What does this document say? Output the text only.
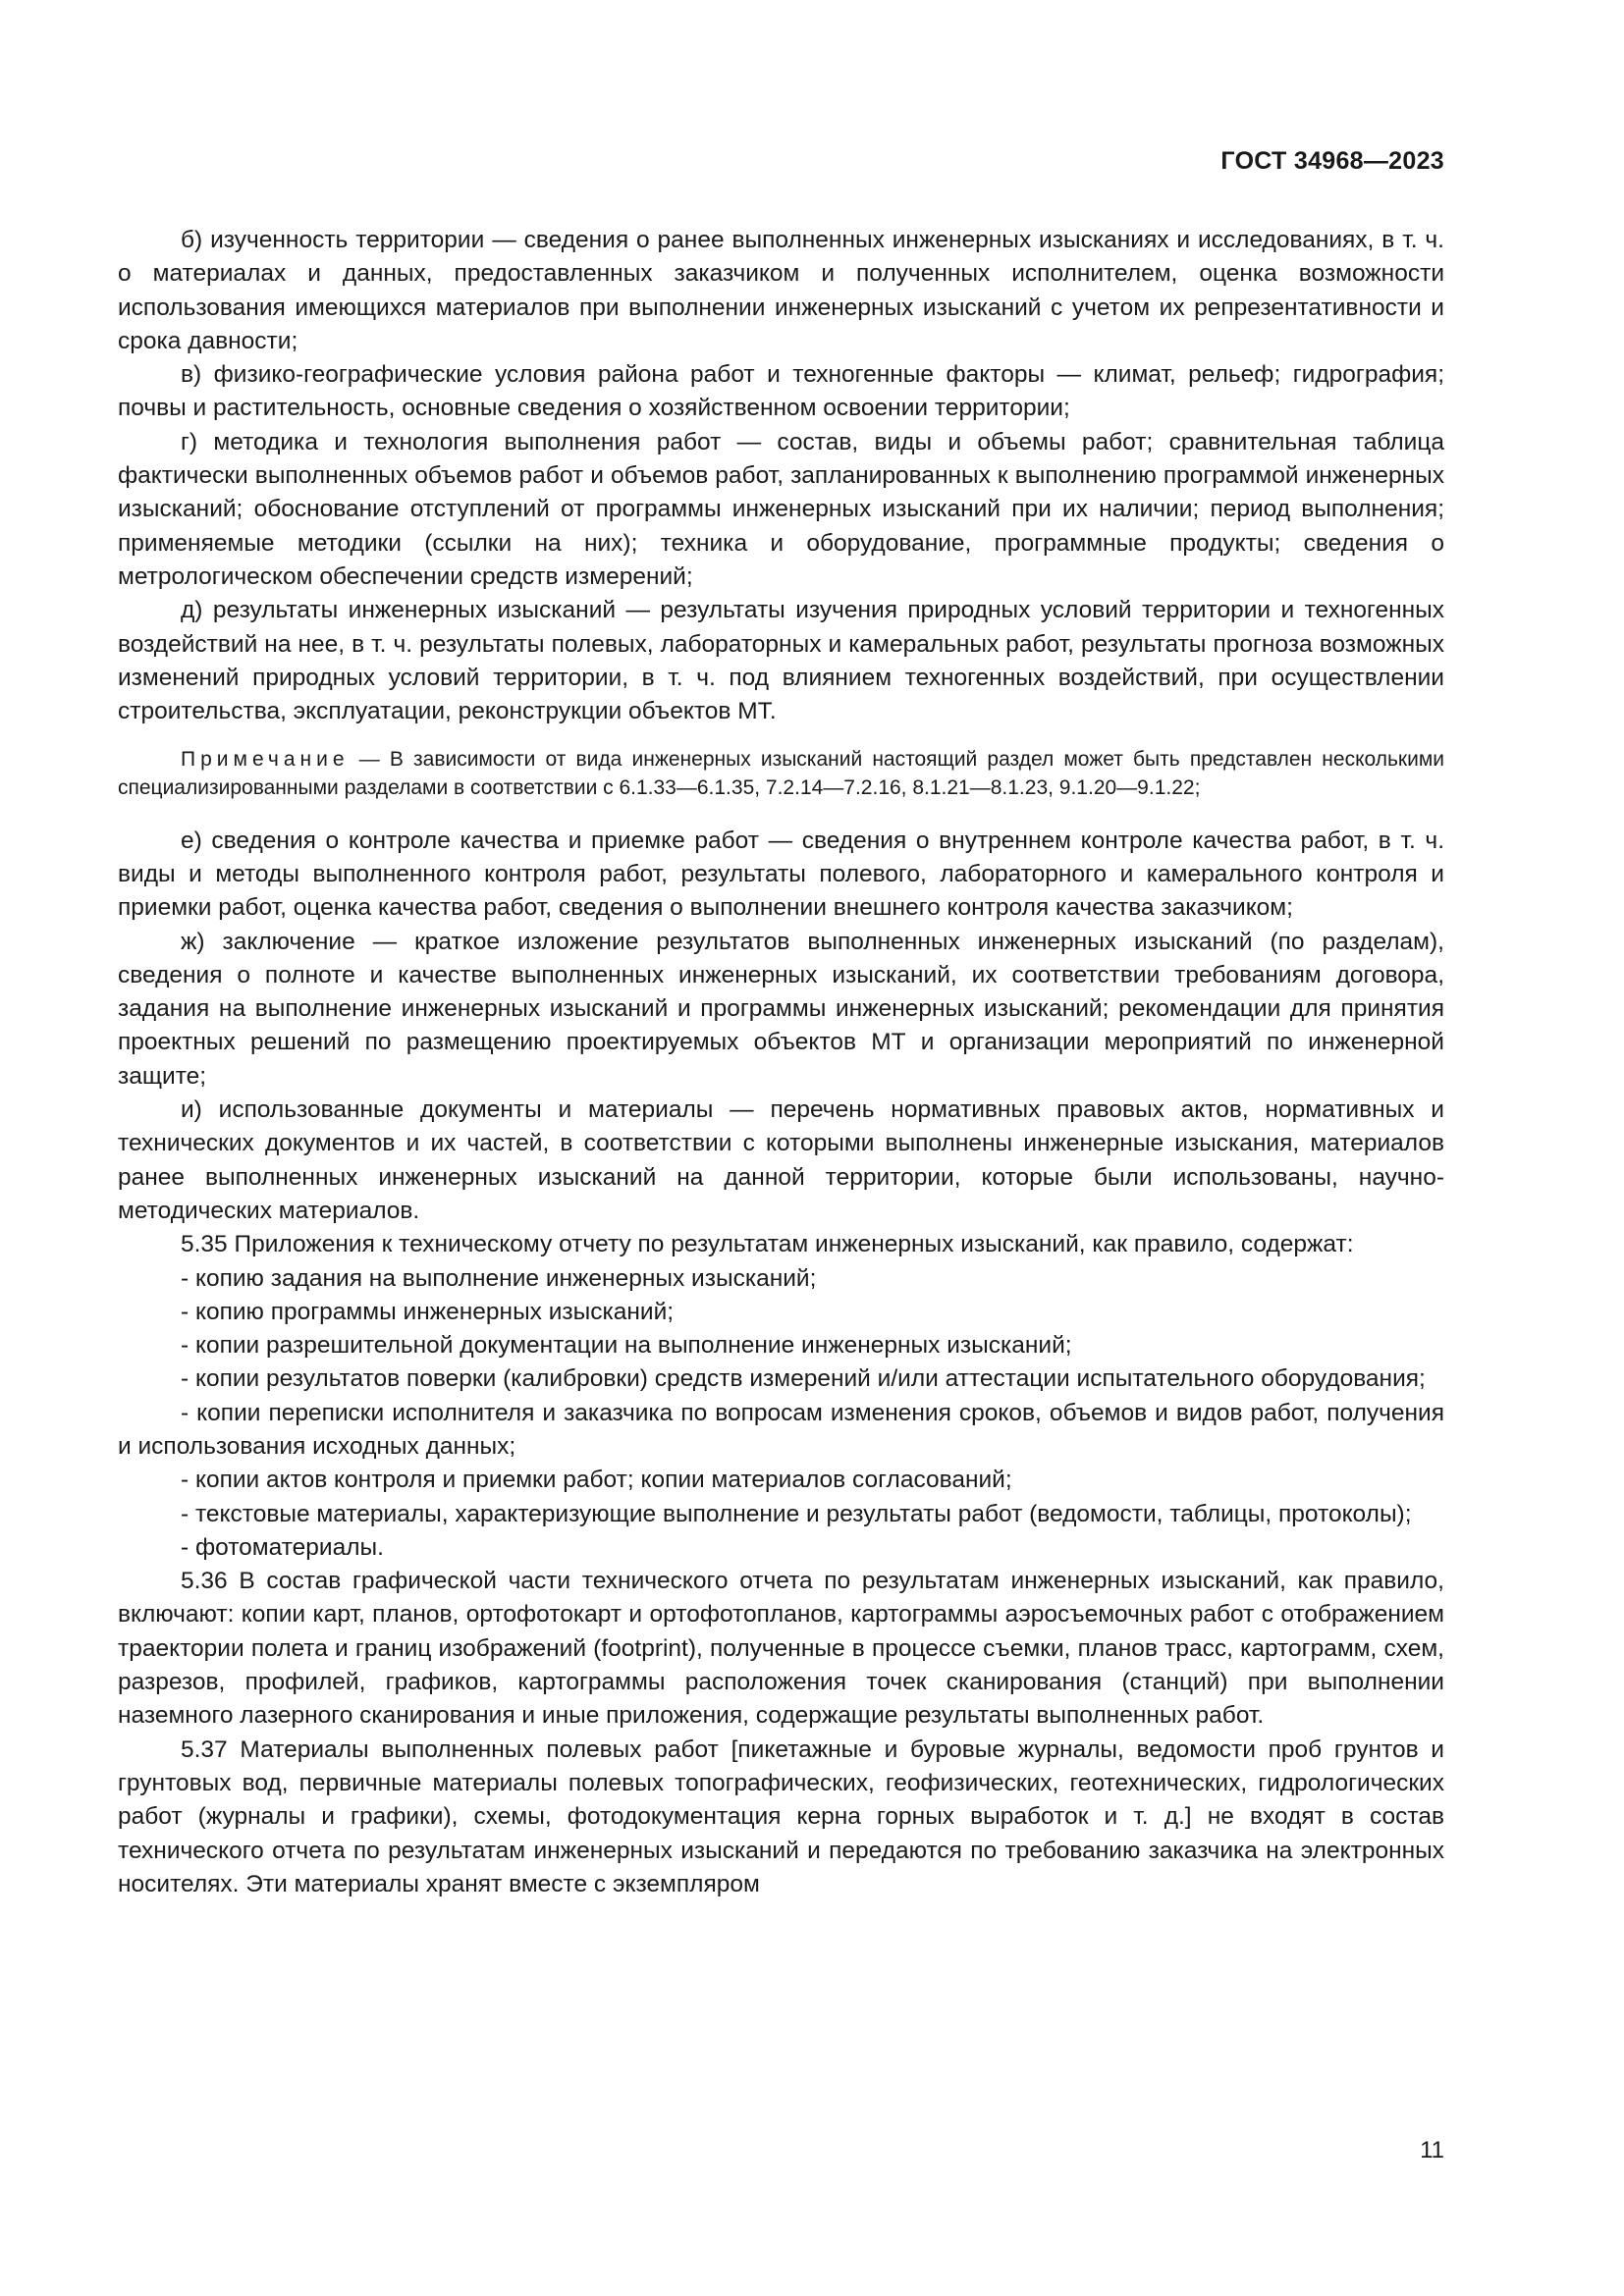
ГОСТ 34968—2023

б) изученность территории — сведения о ранее выполненных инженерных изысканиях и исследованиях, в т. ч. о материалах и данных, предоставленных заказчиком и полученных исполнителем, оценка возможности использования имеющихся материалов при выполнении инженерных изысканий с учетом их репрезентативности и срока давности;

в) физико-географические условия района работ и техногенные факторы — климат, рельеф; гидрография; почвы и растительность, основные сведения о хозяйственном освоении территории;

г) методика и технология выполнения работ — состав, виды и объемы работ; сравнительная таблица фактически выполненных объемов работ и объемов работ, запланированных к выполнению программой инженерных изысканий; обоснование отступлений от программы инженерных изысканий при их наличии; период выполнения; применяемые методики (ссылки на них); техника и оборудование, программные продукты; сведения о метрологическом обеспечении средств измерений;

д) результаты инженерных изысканий — результаты изучения природных условий территории и техногенных воздействий на нее, в т. ч. результаты полевых, лабораторных и камеральных работ, результаты прогноза возможных изменений природных условий территории, в т. ч. под влиянием техногенных воздействий, при осуществлении строительства, эксплуатации, реконструкции объектов МТ.

Примечание — В зависимости от вида инженерных изысканий настоящий раздел может быть представлен несколькими специализированными разделами в соответствии с 6.1.33—6.1.35, 7.2.14—7.2.16, 8.1.21—8.1.23, 9.1.20—9.1.22;

е) сведения о контроле качества и приемке работ — сведения о внутреннем контроле качества работ, в т. ч. виды и методы выполненного контроля работ, результаты полевого, лабораторного и камерального контроля и приемки работ, оценка качества работ, сведения о выполнении внешнего контроля качества заказчиком;

ж) заключение — краткое изложение результатов выполненных инженерных изысканий (по разделам), сведения о полноте и качестве выполненных инженерных изысканий, их соответствии требованиям договора, задания на выполнение инженерных изысканий и программы инженерных изысканий; рекомендации для принятия проектных решений по размещению проектируемых объектов МТ и организации мероприятий по инженерной защите;

и) использованные документы и материалы — перечень нормативных правовых актов, нормативных и технических документов и их частей, в соответствии с которыми выполнены инженерные изыскания, материалов ранее выполненных инженерных изысканий на данной территории, которые были использованы, научно-методических материалов.

5.35 Приложения к техническому отчету по результатам инженерных изысканий, как правило, содержат:

- копию задания на выполнение инженерных изысканий;

- копию программы инженерных изысканий;

- копии разрешительной документации на выполнение инженерных изысканий;

- копии результатов поверки (калибровки) средств измерений и/или аттестации испытательного оборудования;

- копии переписки исполнителя и заказчика по вопросам изменения сроков, объемов и видов работ, получения и использования исходных данных;

- копии актов контроля и приемки работ; копии материалов согласований;

- текстовые материалы, характеризующие выполнение и результаты работ (ведомости, таблицы, протоколы);

- фотоматериалы.

5.36 В состав графической части технического отчета по результатам инженерных изысканий, как правило, включают: копии карт, планов, ортофотокарт и ортофотопланов, картограммы аэросъемочных работ с отображением траектории полета и границ изображений (footprint), полученные в процессе съемки, планов трасс, картограмм, схем, разрезов, профилей, графиков, картограммы расположения точек сканирования (станций) при выполнении наземного лазерного сканирования и иные приложения, содержащие результаты выполненных работ.

5.37 Материалы выполненных полевых работ [пикетажные и буровые журналы, ведомости проб грунтов и грунтовых вод, первичные материалы полевых топографических, геофизических, геотехнических, гидрологических работ (журналы и графики), схемы, фотодокументация керна горных выработок и т. д.] не входят в состав технического отчета по результатам инженерных изысканий и передаются по требованию заказчика на электронных носителях. Эти материалы хранят вместе с экземпляром

11
